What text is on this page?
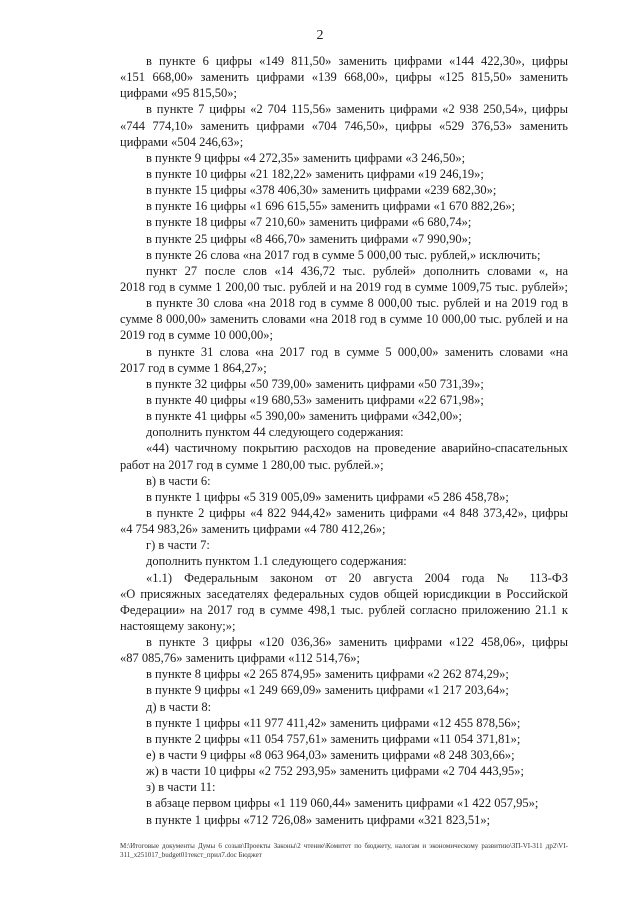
2
в пункте 6 цифры «149 811,50» заменить цифрами «144 422,30», цифры
«151 668,00» заменить цифрами «139 668,00», цифры «125 815,50» заменить
цифрами «95 815,50»;
в пункте 7 цифры «2 704 115,56» заменить цифрами «2 938 250,54», цифры
«744 774,10» заменить цифрами «704 746,50», цифры «529 376,53» заменить
цифрами «504 246,63»;
в пункте 9 цифры «4 272,35» заменить цифрами «3 246,50»;
в пункте 10 цифры «21 182,22» заменить цифрами «19 246,19»;
в пункте 15 цифры «378 406,30» заменить цифрами «239 682,30»;
в пункте 16 цифры «1 696 615,55» заменить цифрами «1 670 882,26»;
в пункте 18 цифры «7 210,60» заменить цифрами «6 680,74»;
в пункте 25 цифры «8 466,70» заменить цифрами «7 990,90»;
в пункте 26 слова «на 2017 год в сумме 5 000,00 тыс. рублей,» исключить;
пункт 27 после слов «14 436,72 тыс. рублей» дополнить словами «, на
2018 год в сумме 1 200,00 тыс. рублей и на 2019 год в сумме 1009,75 тыс. рублей»;
в пункте 30 слова «на 2018 год в сумме 8 000,00 тыс. рублей и на 2019 год в
сумме 8 000,00» заменить словами «на 2018 год в сумме 10 000,00 тыс. рублей и на
2019 год в сумме 10 000,00»;
в пункте 31 слова «на 2017 год в сумме 5 000,00» заменить словами «на
2017 год в сумме 1 864,27»;
в пункте 32 цифры «50 739,00» заменить цифрами «50 731,39»;
в пункте 40 цифры «19 680,53» заменить цифрами «22 671,98»;
в пункте 41 цифры «5 390,00» заменить цифрами «342,00»;
дополнить пунктом 44 следующего содержания:
«44) частичному покрытию расходов на проведение аварийно-спасательных
работ на 2017 год в сумме 1 280,00 тыс. рублей.»;
в) в части 6:
в пункте 1 цифры «5 319 005,09» заменить цифрами «5 286 458,78»;
в пункте 2 цифры «4 822 944,42» заменить цифрами «4 848 373,42», цифры
«4 754 983,26» заменить цифрами «4 780 412,26»;
г) в части 7:
дополнить пунктом 1.1 следующего содержания:
«1.1) Федеральным законом от 20 августа 2004 года № 113-ФЗ
«О присяжных заседателях федеральных судов общей юрисдикции в Российской
Федерации» на 2017 год в сумме 498,1 тыс. рублей согласно приложению 21.1 к
настоящему закону;»;
в пункте 3 цифры «120 036,36» заменить цифрами «122 458,06», цифры
«87 085,76» заменить цифрами «112 514,76»;
в пункте 8 цифры «2 265 874,95» заменить цифрами «2 262 874,29»;
в пункте 9 цифры «1 249 669,09» заменить цифрами «1 217 203,64»;
д) в части 8:
в пункте 1 цифры «11 977 411,42» заменить цифрами «12 455 878,56»;
в пункте 2 цифры «11 054 757,61» заменить цифрами «11 054 371,81»;
е) в части 9 цифры «8 063 964,03» заменить цифрами «8 248 303,66»;
ж) в части 10 цифры «2 752 293,95» заменить цифрами «2 704 443,95»;
з) в части 11:
в абзаце первом цифры «1 119 060,44» заменить цифрами «1 422 057,95»;
в пункте 1 цифры «712 726,08» заменить цифрами «321 823,51»;
M:\Итоговые документы Думы 6 созыв\Проекты Законы\2 чтение\Комитет по бюджету, налогам и экономическому развитию\ЗП-VI-311 др2\VI-
311_х251017_budget01текст_прил7.doc Бюджет
